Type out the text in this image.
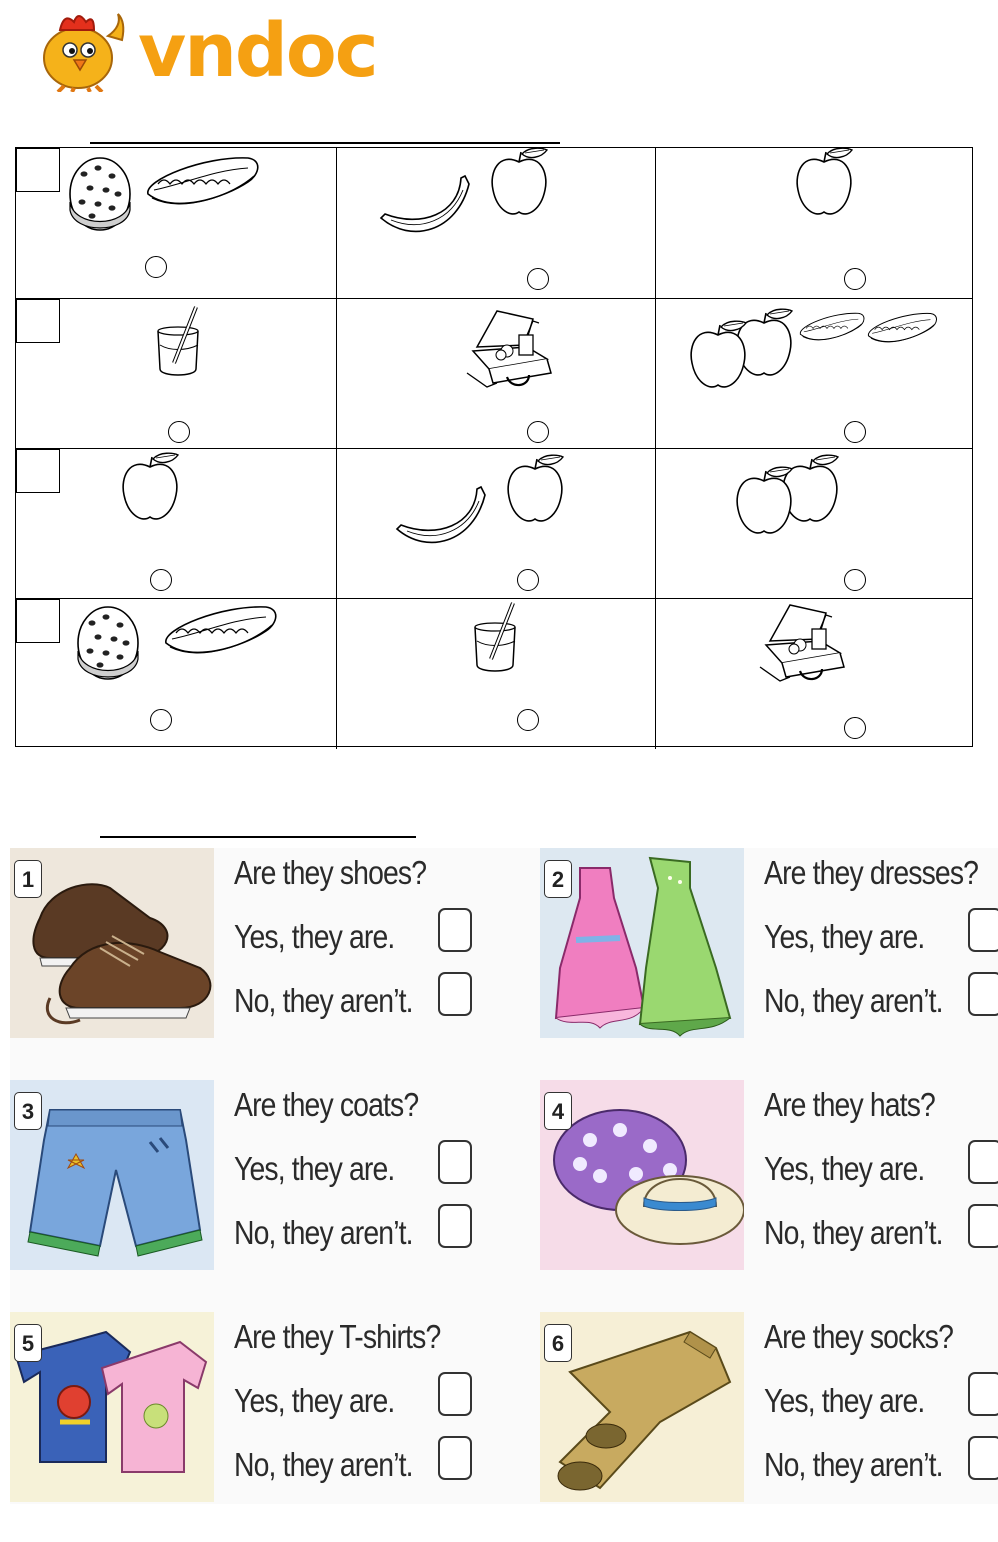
vndoc
1	Are they shoes?
Yes, they are.
No, they aren’t.
2	Are they dresses?
Yes, they are.
No, they aren’t.
3	Are they coats?
Yes, they are.
No, they aren’t.
4	Are they hats?
Yes, they are.
No, they aren’t.
5	Are they T-shirts?
Yes, they are.
No, they aren’t.
6	Are they socks?
Yes, they are.
No, they aren’t.
